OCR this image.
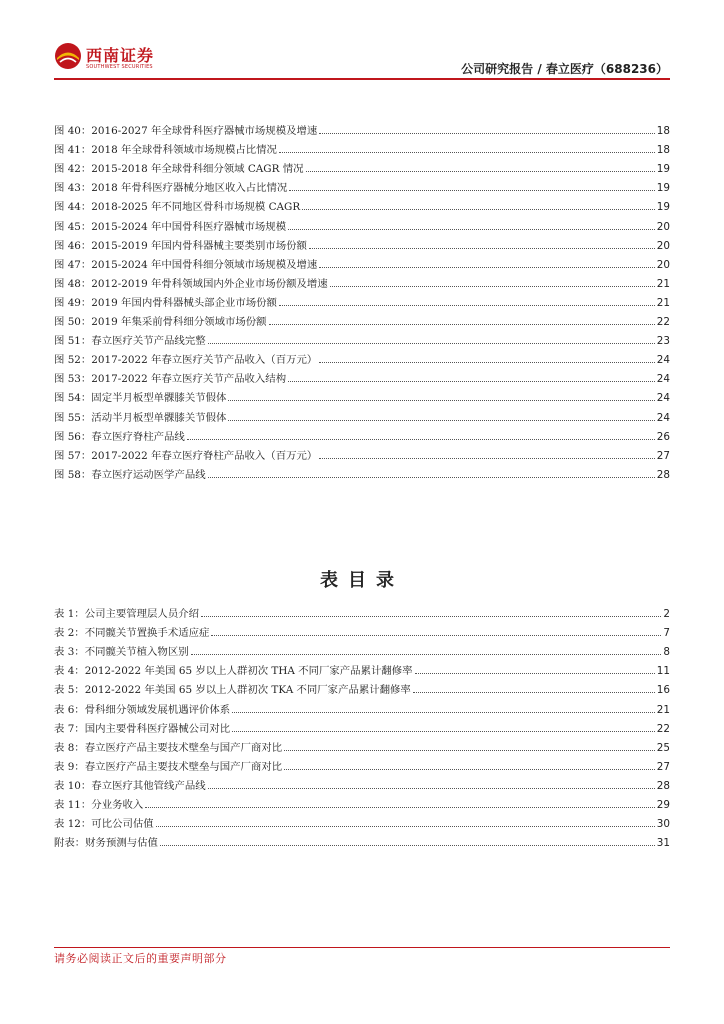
西南证券
SOUTHWEST SECURITIES	公司研究报告 / 春立医疗（688236）
图 40：2016-2027 年全球骨科医疗器械市场规模及增速	18
图 41：2018 年全球骨科领域市场规模占比情况	18
图 42：2015-2018 年全球骨科细分领域 CAGR 情况	19
图 43：2018 年骨科医疗器械分地区收入占比情况	19
图 44：2018-2025 年不同地区骨科市场规模 CAGR	19
图 45：2015-2024 年中国骨科医疗器械市场规模	20
图 46：2015-2019 年国内骨科器械主要类别市场份额	20
图 47：2015-2024 年中国骨科细分领域市场规模及增速	20
图 48：2012-2019 年骨科领域国内外企业市场份额及增速	21
图 49：2019 年国内骨科器械头部企业市场份额	21
图 50：2019 年集采前骨科细分领域市场份额	22
图 51：春立医疗关节产品线完整	23
图 52：2017-2022 年春立医疗关节产品收入（百万元）	24
图 53：2017-2022 年春立医疗关节产品收入结构	24
图 54：固定半月板型单髁膝关节假体	24
图 55：活动半月板型单髁膝关节假体	24
图 56：春立医疗脊柱产品线	26
图 57：2017-2022 年春立医疗脊柱产品收入（百万元）	27
图 58：春立医疗运动医学产品线	28
表目录
表 1：公司主要管理层人员介绍	2
表 2：不同髋关节置换手术适应症	7
表 3：不同髋关节植入物区别	8
表 4：2012-2022 年美国 65 岁以上人群初次 THA 不同厂家产品累计翻修率	11
表 5：2012-2022 年美国 65 岁以上人群初次 TKA 不同厂家产品累计翻修率	16
表 6：骨科细分领域发展机遇评价体系	21
表 7：国内主要骨科医疗器械公司对比	22
表 8：春立医疗产品主要技术壁垒与国产厂商对比	25
表 9：春立医疗产品主要技术壁垒与国产厂商对比	27
表 10：春立医疗其他管线产品线	28
表 11：分业务收入	29
表 12：可比公司估值	30
附表：财务预测与估值	31
请务必阅读正文后的重要声明部分
